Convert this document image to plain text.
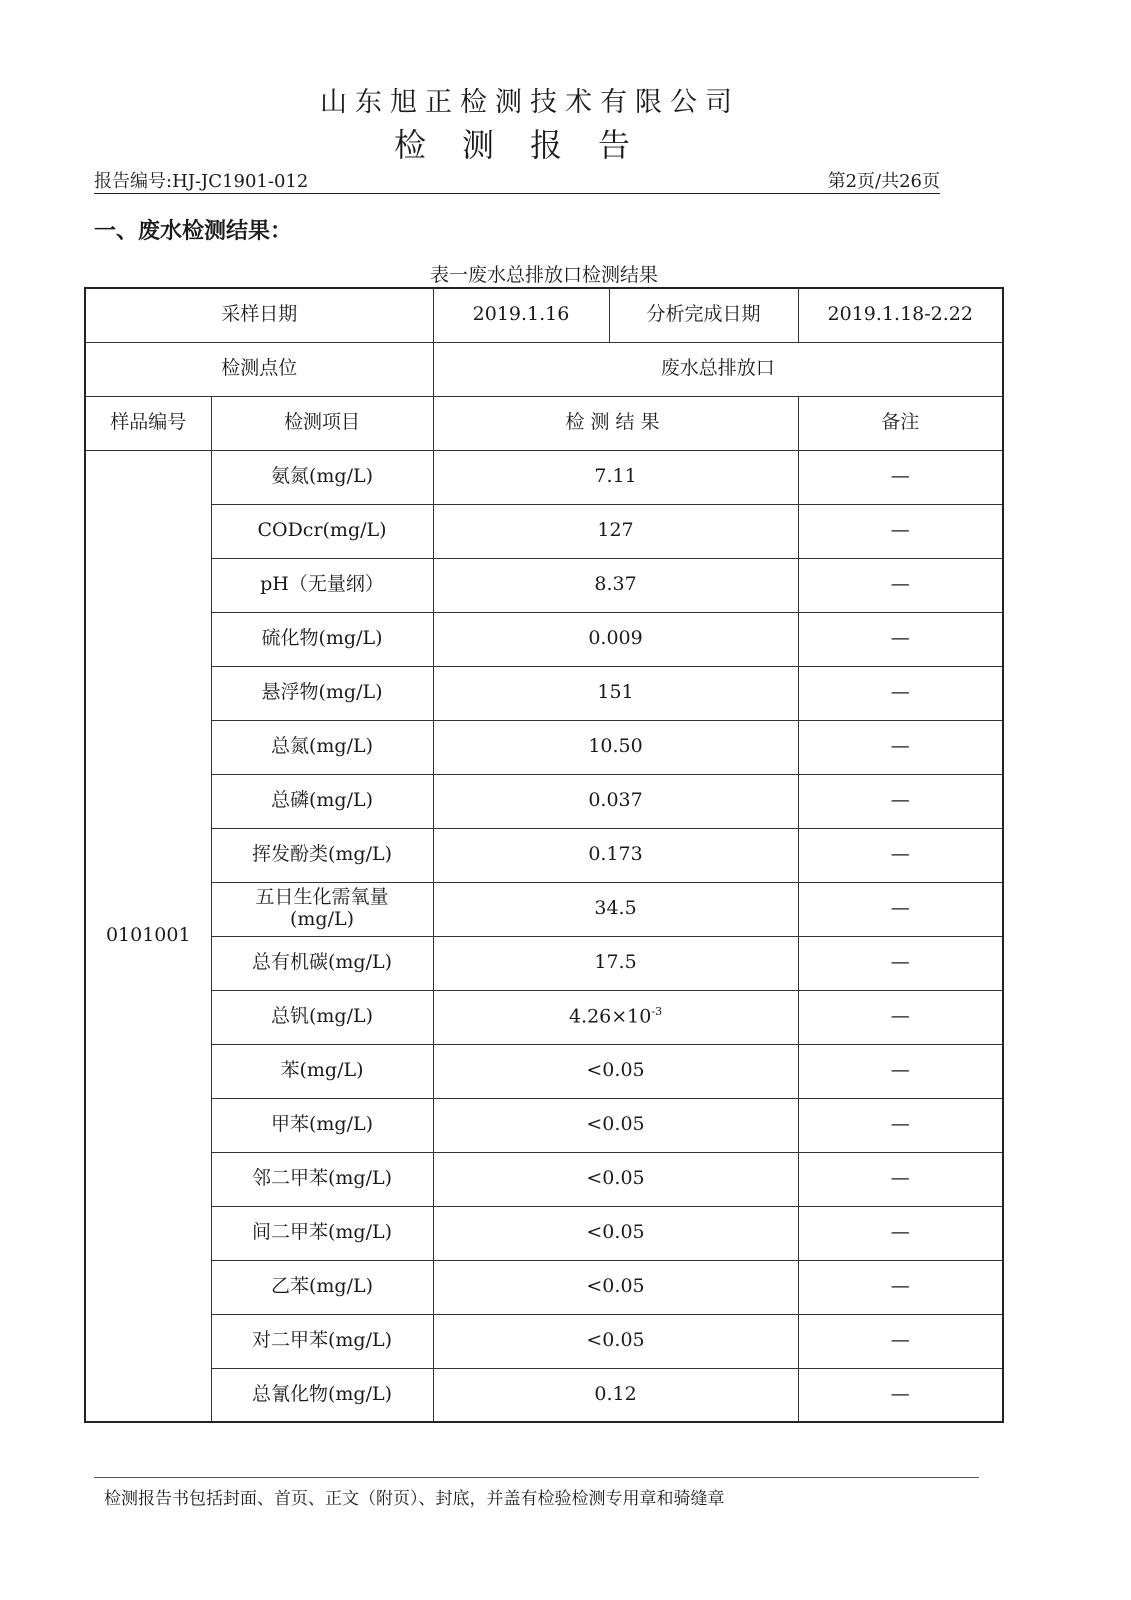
山东旭正检测技术有限公司
检测报告
报告编号:HJ-JC1901-012	第2页/共26页
一、废水检测结果：
表一废水总排放口检测结果
采样日期		2019.1.16	分析完成日期	2019.1.18-2.22
检测点位		废水总排放口		
样品编号	检测项目	检测结果		备注
0101001	氨氮(mg/L)	7.11		—
	CODcr(mg/L)	127		—
	pH（无量纲）	8.37		—
	硫化物(mg/L)	0.009		—
	悬浮物(mg/L)	151		—
	总氮(mg/L)	10.50		—
	总磷(mg/L)	0.037		—
	挥发酚类(mg/L)	0.173		—
	五日生化需氧量(mg/L)	34.5		—
	总有机碳(mg/L)	17.5		—
	总钒(mg/L)	$4.26\times 10^{-3}$		—
	苯(mg/L)	<0.05		—
	甲苯(mg/L)	<0.05		—
	邻二甲苯(mg/L)	<0.05		—
	间二甲苯(mg/L)	<0.05		—
	乙苯(mg/L)	<0.05		—
	对二甲苯(mg/L)	<0.05		—
	总氰化物(mg/L)	0.12		—
检测报告书包括封面、首页、正文（附页）、封底，并盖有检验检测专用章和骑缝章
